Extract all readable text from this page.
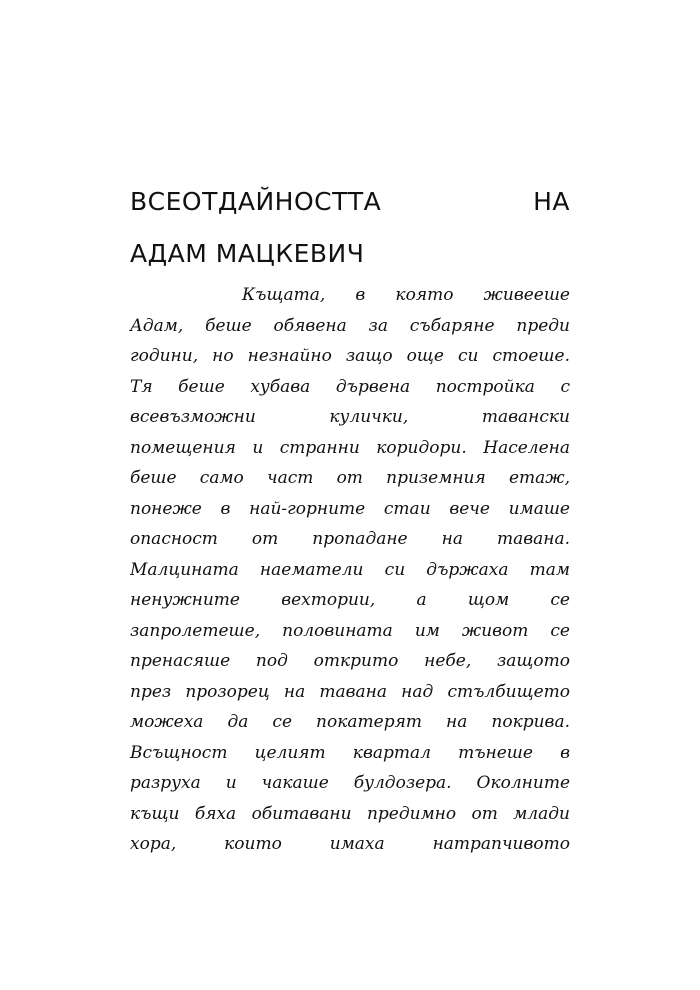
ВСЕОТДАЙНОСТТА НА
АДАМ МАЦКЕВИЧ
Къщата, в която живееше
Адам, беше обявена за събаряне преди
години, но незнайно защо още си стоеше.
Тя беше хубава дървена постройка с
всевъзможни кулички, тавански
помещения и странни коридори. Населена
беше само част от приземния етаж,
понеже в най-горните стаи вече имаше
опасност от пропадане на тавана.
Малцината наематели си държаха там
ненужните вехтории, а щом се
запролетеше, половината им живот се
пренасяше под открито небе, защото
през прозорец на тавана над стълбището
можеха да се покатерят на покрива.
Всъщност целият квартал тънеше в
разруха и чакаше булдозера. Околните
къщи бяха обитавани предимно от млади
хора, които имаха натрапчивото
